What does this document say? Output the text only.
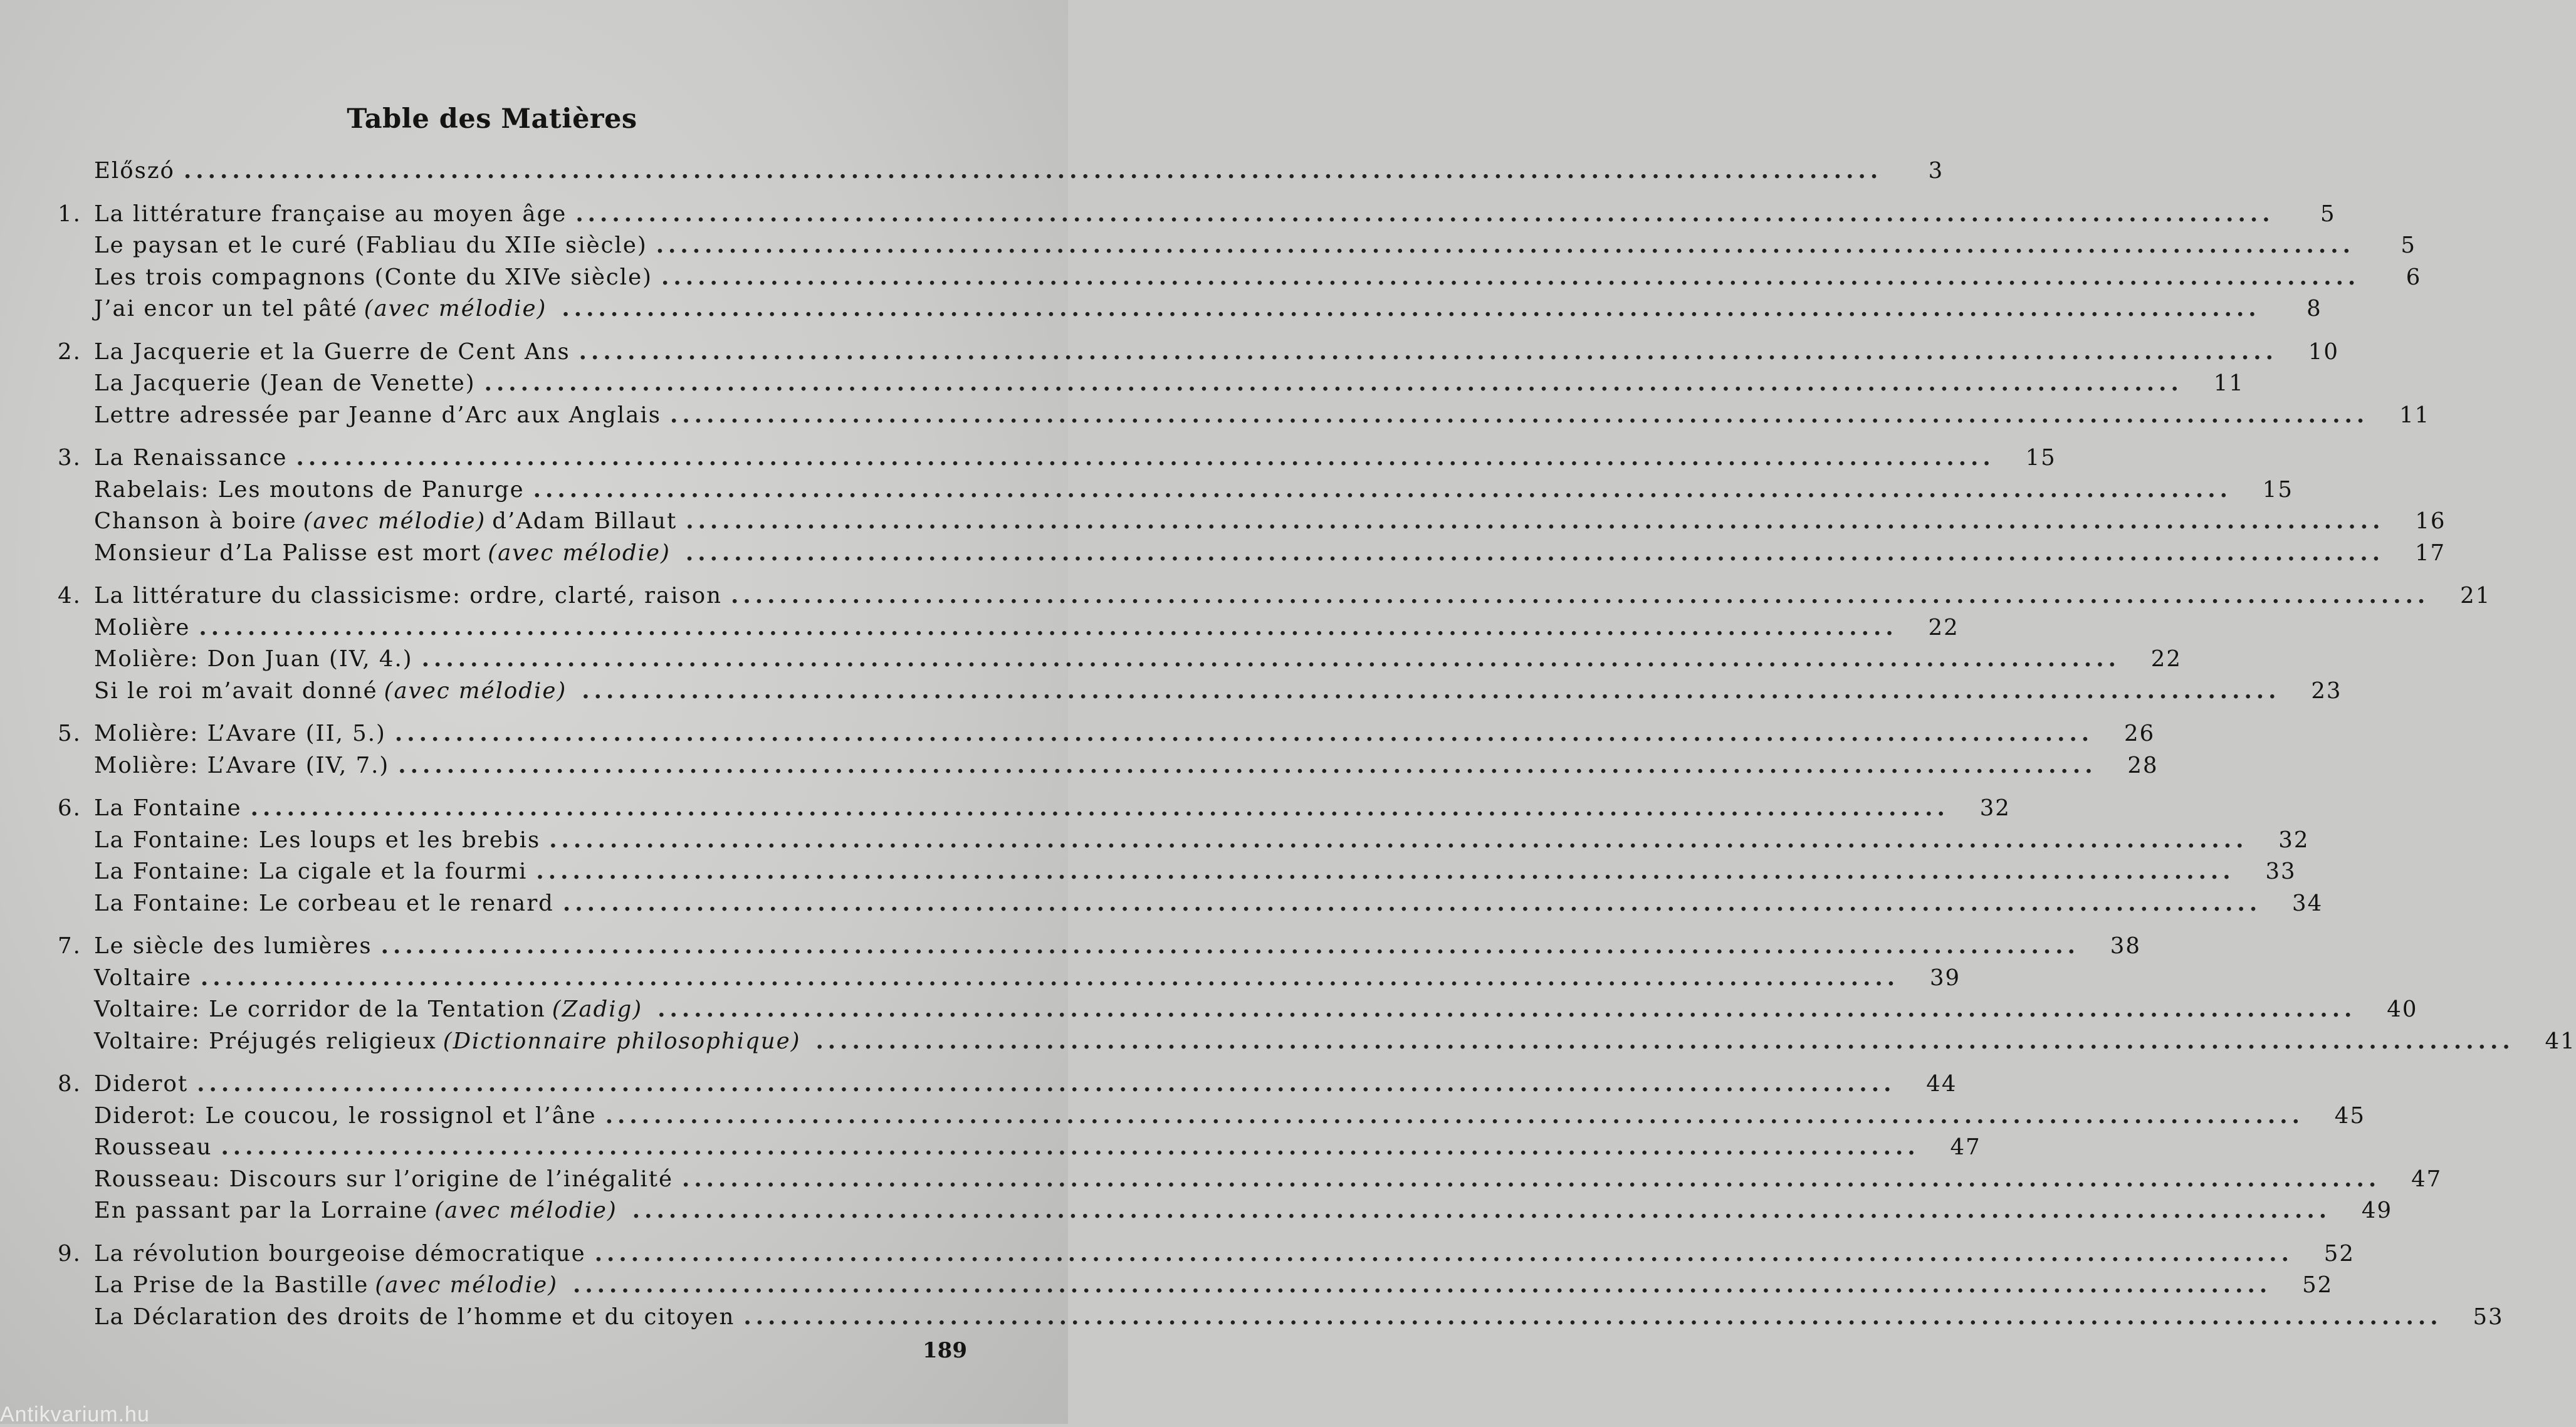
Table des Matières
Előszó ............................................................................................................................................	3
1. La littérature française au moyen âge ............................................................................................................................................	5
Le paysan et le curé (Fabliau du XIIe siècle) ............................................................................................................................................	5
Les trois compagnons (Conte du XIVe siècle) ............................................................................................................................................	6
J’ai encor un tel pâté (avec mélodie) ............................................................................................................................................	8
2. La Jacquerie et la Guerre de Cent Ans ............................................................................................................................................	10
La Jacquerie (Jean de Venette) ............................................................................................................................................	11
Lettre adressée par Jeanne d’Arc aux Anglais ............................................................................................................................................	11
3. La Renaissance ............................................................................................................................................	15
Rabelais: Les moutons de Panurge ............................................................................................................................................	15
Chanson à boire (avec mélodie) d’Adam Billaut ............................................................................................................................................	16
Monsieur d’La Palisse est mort (avec mélodie) ............................................................................................................................................	17
4. La littérature du classicisme: ordre, clarté, raison ............................................................................................................................................	21
Molière ............................................................................................................................................	22
Molière: Don Juan (IV, 4.) ............................................................................................................................................	22
Si le roi m’avait donné (avec mélodie) ............................................................................................................................................	23
5. Molière: L’Avare (II, 5.) ............................................................................................................................................	26
Molière: L’Avare (IV, 7.) ............................................................................................................................................	28
6. La Fontaine ............................................................................................................................................	32
La Fontaine: Les loups et les brebis ............................................................................................................................................	32
La Fontaine: La cigale et la fourmi ............................................................................................................................................	33
La Fontaine: Le corbeau et le renard ............................................................................................................................................	34
7. Le siècle des lumières ............................................................................................................................................	38
Voltaire ............................................................................................................................................	39
Voltaire: Le corridor de la Tentation (Zadig) ............................................................................................................................................	40
Voltaire: Préjugés religieux (Dictionnaire philosophique) ............................................................................................................................................	41
8. Diderot ............................................................................................................................................	44
Diderot: Le coucou, le rossignol et l’âne ............................................................................................................................................	45
Rousseau ............................................................................................................................................	47
Rousseau: Discours sur l’origine de l’inégalité ............................................................................................................................................	47
En passant par la Lorraine (avec mélodie) ............................................................................................................................................	49
9. La révolution bourgeoise démocratique ............................................................................................................................................	52
La Prise de la Bastille (avec mélodie) ............................................................................................................................................	52
La Déclaration des droits de l’homme et du citoyen ............................................................................................................................................	53
189
Antikvarium.hu
